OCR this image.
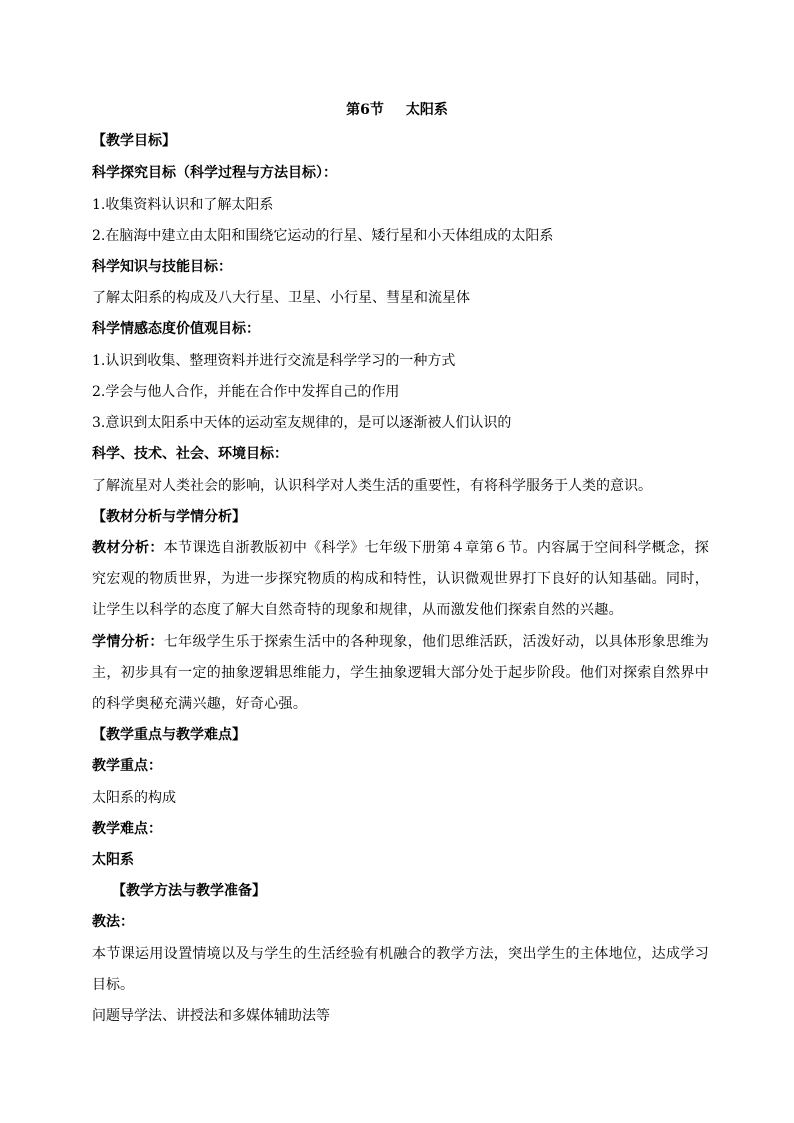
第6节 太阳系
【教学目标】
科学探究目标（科学过程与方法目标）：
1.收集资料认识和了解太阳系
2.在脑海中建立由太阳和围绕它运动的行星、矮行星和小天体组成的太阳系
科学知识与技能目标：
了解太阳系的构成及八大行星、卫星、小行星、彗星和流星体
科学情感态度价值观目标：
1.认识到收集、整理资料并进行交流是科学学习的一种方式
2.学会与他人合作，并能在合作中发挥自己的作用
3.意识到太阳系中天体的运动室友规律的，是可以逐渐被人们认识的
科学、技术、社会、环境目标：
了解流星对人类社会的影响，认识科学对人类生活的重要性，有将科学服务于人类的意识。
【教材分析与学情分析】
教材分析：本节课选自浙教版初中《科学》七年级下册第４章第６节。内容属于空间科学概念，探
究宏观的物质世界，为进一步探究物质的构成和特性，认识微观世界打下良好的认知基础。同时，
让学生以科学的态度了解大自然奇特的现象和规律，从而激发他们探索自然的兴趣。
学情分析：七年级学生乐于探索生活中的各种现象，他们思维活跃，活泼好动，以具体形象思维为
主，初步具有一定的抽象逻辑思维能力，学生抽象逻辑大部分处于起步阶段。他们对探索自然界中
的科学奥秘充满兴趣，好奇心强。
【教学重点与教学难点】
教学重点：
太阳系的构成
教学难点：
太阳系
【教学方法与教学准备】
教法：
本节课运用设置情境以及与学生的生活经验有机融合的教学方法，突出学生的主体地位，达成学习
目标。
问题导学法、讲授法和多媒体辅助法等
